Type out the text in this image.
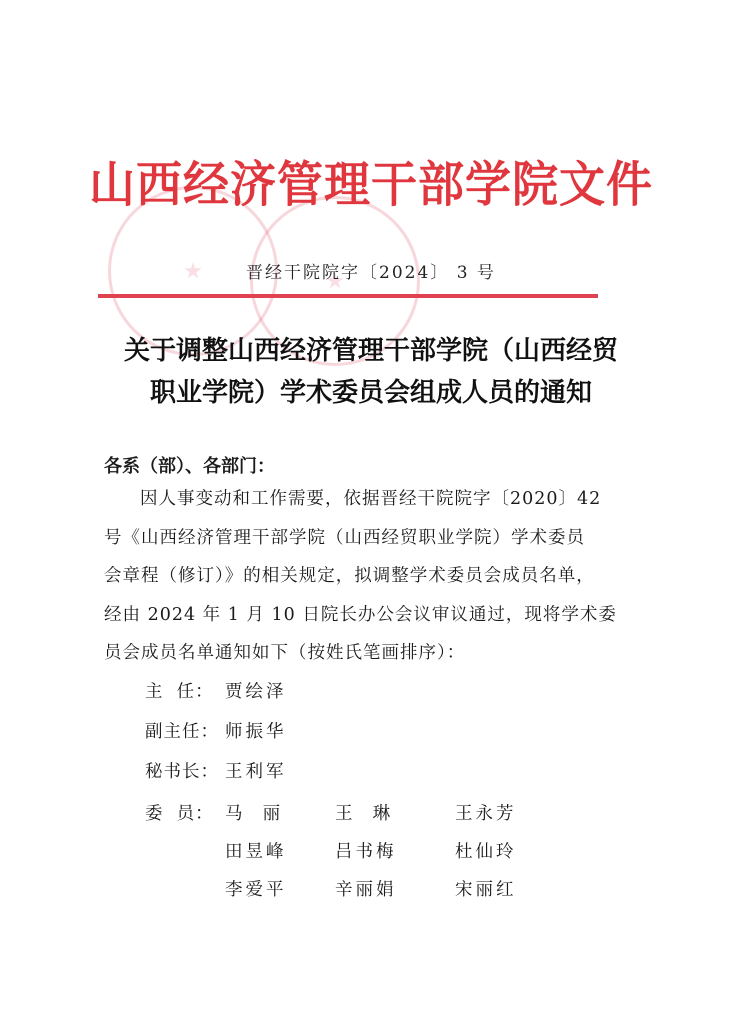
山西经济管理干部学院文件
晋经干院院字〔2024〕 3 号
关于调整山西经济管理干部学院（山西经贸
职业学院）学术委员会组成人员的通知
各系（部）、各部门：
因人事变动和工作需要，依据晋经干院院字〔2020〕42
号《山西经济管理干部学院（山西经贸职业学院）学术委员
会章程（修订）》的相关规定，拟调整学术委员会成员名单，
经由 2024 年 1 月 10 日院长办公会议审议通过，现将学术委
员会成员名单通知如下（按姓氏笔画排序）：
主  任： 贾绘泽
副主任： 师振华
秘书长： 王利军
委  员： 马  丽	王  琳	王永芳
田昱峰	吕书梅	杜仙玲
李爱平	辛丽娟	宋丽红
